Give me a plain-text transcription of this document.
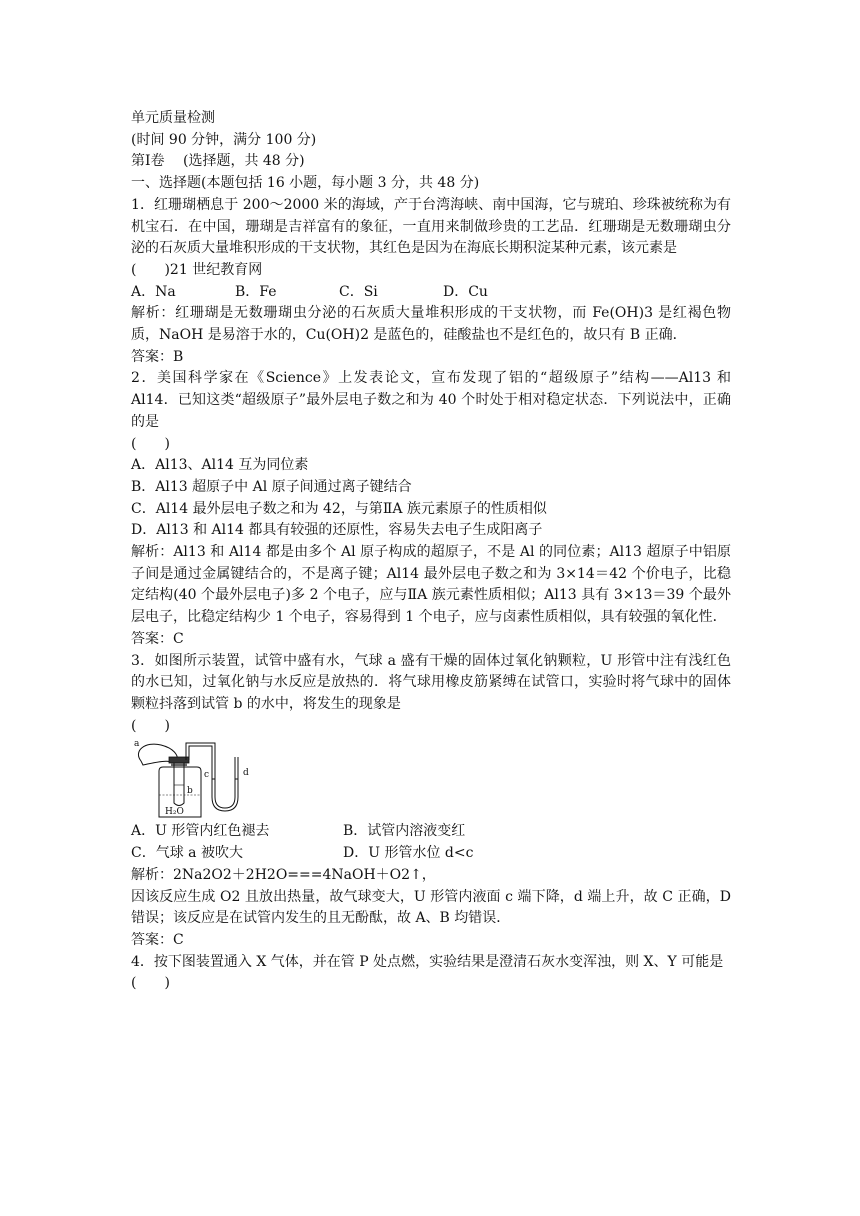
单元质量检测

(时间 90 分钟，满分 100 分)

第Ⅰ卷 　(选择题，共 48 分)

一、选择题(本题包括 16 小题，每小题 3 分，共 48 分)

1．红珊瑚栖息于 200～2000 米的海域，产于台湾海峡、南中国海，它与琥珀、珍珠被统称为有机宝石．在中国，珊瑚是吉祥富有的象征，一直用来制做珍贵的工艺品．红珊瑚是无数珊瑚虫分泌的石灰质大量堆积形成的干支状物，其红色是因为在海底长期积淀某种元素，该元素是

(　　)21 世纪教育网

A．Na	B．Fe	C．Si	D．Cu

解析：红珊瑚是无数珊瑚虫分泌的石灰质大量堆积形成的干支状物，而 Fe(OH)3 是红褐色物质，NaOH 是易溶于水的，Cu(OH)2 是蓝色的，硅酸盐也不是红色的，故只有 B 正确．

答案：B

2．美国科学家在《Science》上发表论文，宣布发现了铝的“超级原子”结构——Al13 和 Al14．已知这类“超级原子”最外层电子数之和为 40 个时处于相对稳定状态．下列说法中，正确的是

(　　)

A．Al13、Al14 互为同位素

B．Al13 超原子中 Al 原子间通过离子键结合

C．Al14 最外层电子数之和为 42，与第ⅡA 族元素原子的性质相似

D．Al13 和 Al14 都具有较强的还原性，容易失去电子生成阳离子

解析：Al13 和 Al14 都是由多个 Al 原子构成的超原子，不是 Al 的同位素；Al13 超原子中铝原子间是通过金属键结合的，不是离子键；Al14 最外层电子数之和为 3×14＝42 个价电子，比稳定结构(40 个最外层电子)多 2 个电子，应与ⅡA 族元素性质相似；Al13 具有 3×13＝39 个最外层电子，比稳定结构少 1 个电子，容易得到 1 个电子，应与卤素性质相似，具有较强的氧化性．

答案：C

3．如图所示装置，试管中盛有水，气球 a 盛有干燥的固体过氧化钠颗粒，U 形管中注有浅红色的水已知，过氧化钠与水反应是放热的．将气球用橡皮筋紧缚在试管口，实验时将气球中的固体颗粒抖落到试管 b 的水中，将发生的现象是

(　　)

a
b
c	d
H₂O

A．U 形管内红色褪去	B．试管内溶液变红

C．气球 a 被吹大	D．U 形管水位 d<c

解析：2Na2O2＋2H2O===4NaOH＋O2↑，

因该反应生成 O2 且放出热量，故气球变大，U 形管内液面 c 端下降，d 端上升，故 C 正确，D 错误；该反应是在试管内发生的且无酚酞，故 A、B 均错误．

答案：C

4．按下图装置通入 X 气体，并在管 P 处点燃，实验结果是澄清石灰水变浑浊，则 X、Y 可能是

(　　)
